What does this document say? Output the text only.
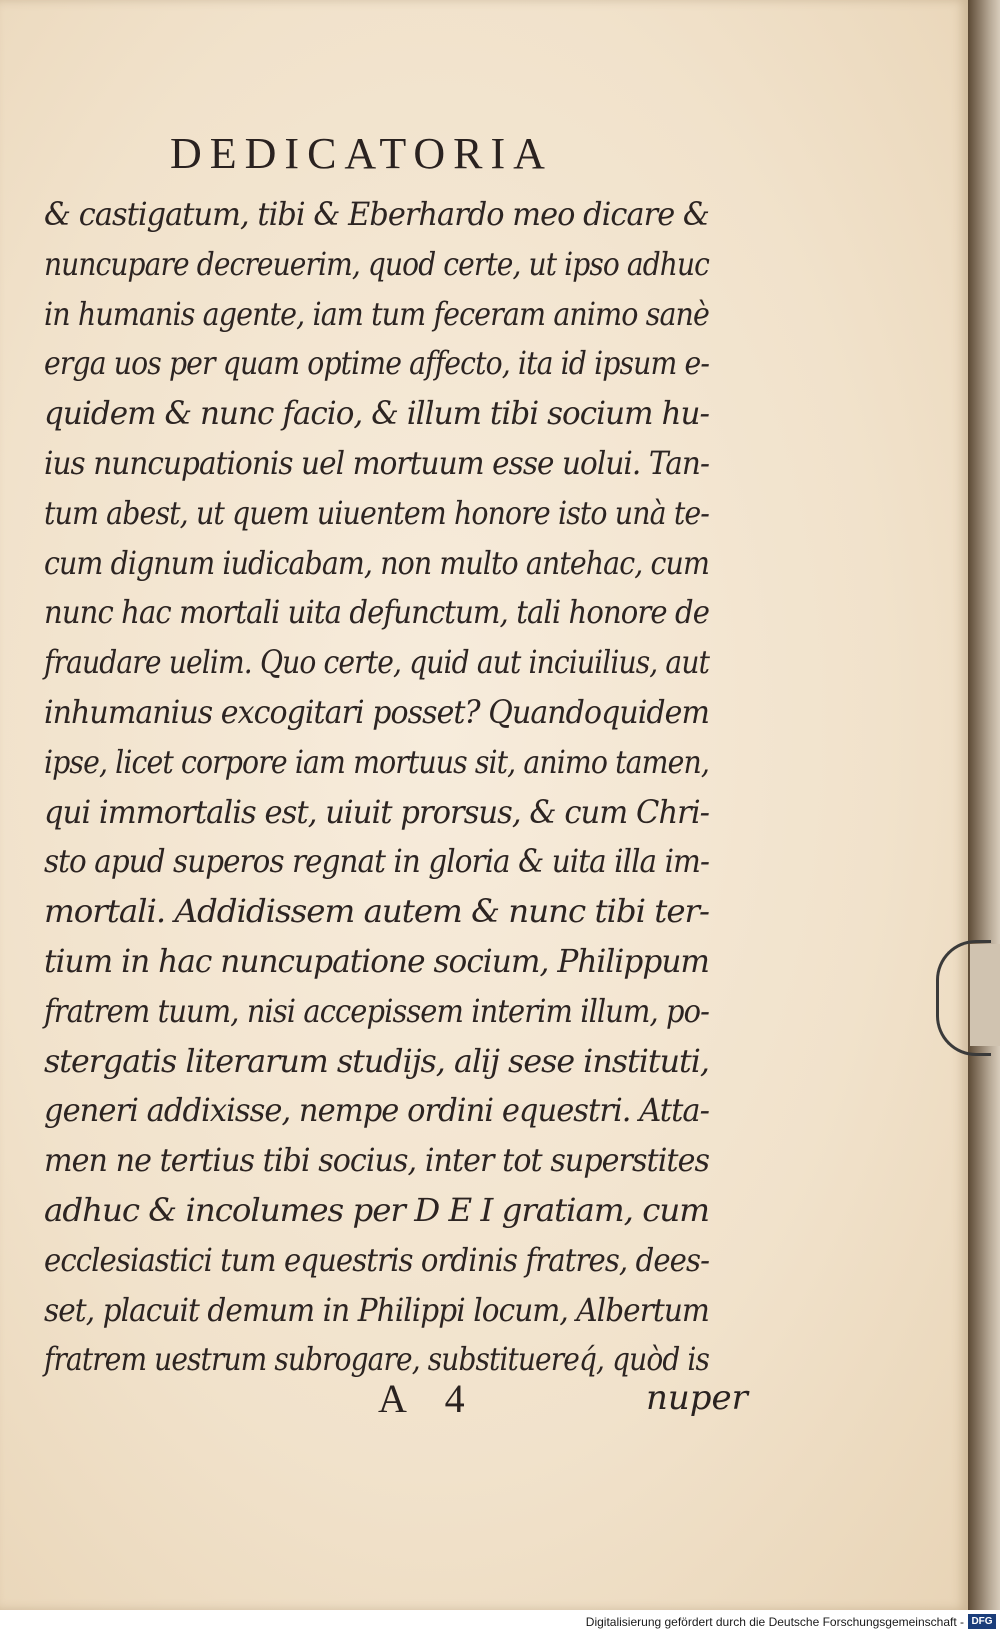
DEDICATORIA
& castigatum, tibi & Eberhardo meo dicare &
nuncupare decreuerim, quod certe, ut ipso adhuc
in humanis agente, iam tum feceram animo sanè
erga uos per quam optime affecto, ita id ipsum e-
quidem & nunc facio, & illum tibi socium hu-
ius nuncupationis uel mortuum esse uolui. Tan-
tum abest, ut quem uiuentem honore isto unà te-
cum dignum iudicabam, non multo antehac, cum
nunc hac mortali uita defunctum, tali honore de
fraudare uelim. Quo certe, quid aut inciuilius, aut
inhumanius excogitari posset? Quandoquidem
ipse, licet corpore iam mortuus sit, animo tamen,
qui immortalis est, uiuit prorsus, & cum Chri-
sto apud superos regnat in gloria & uita illa im-
mortali. Addidissem autem & nunc tibi ter-
tium in hac nuncupatione socium, Philippum
fratrem tuum, nisi accepissem interim illum, po-
stergatis literarum studijs, alij sese instituti,
generi addixisse, nempe ordini equestri. Atta-
men ne tertius tibi socius, inter tot superstites
adhuc & incolumes per D E I gratiam, cum
ecclesiastici tum equestris ordinis fratres, dees-
set, placuit demum in Philippi locum, Albertum
fratrem uestrum subrogare, substituereq́, quòd is
A 4	nuper
Digitalisierung gefördert durch die Deutsche Forschungsgemeinschaft - DFG
